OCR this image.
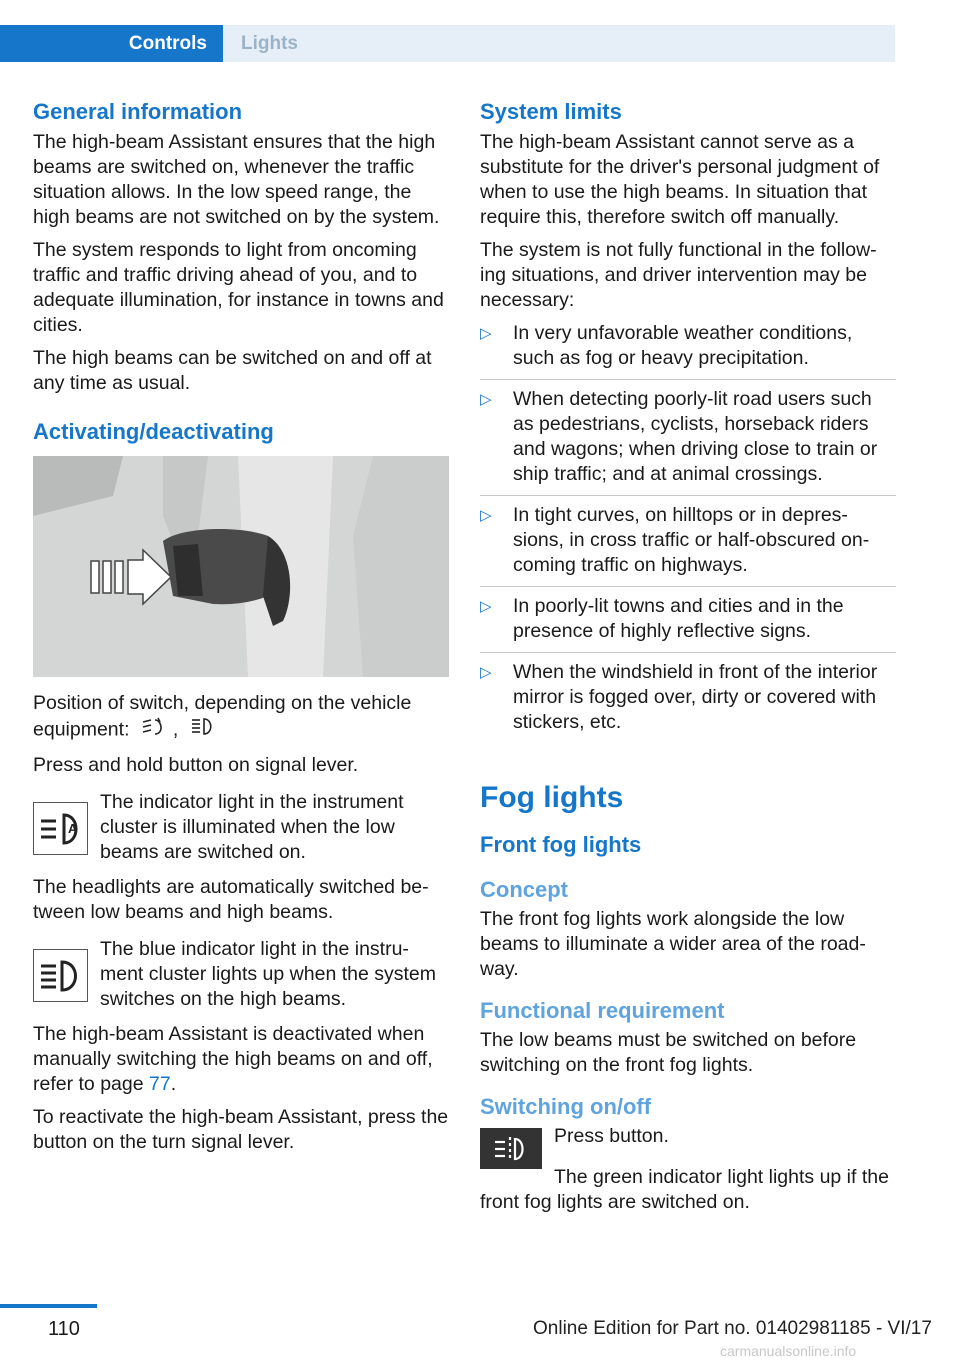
Controls	Lights
General information

The high-beam Assistant ensures that the high beams are switched on, whenever the traffic situation allows. In the low speed range, the high beams are not switched on by the system.

The system responds to light from oncoming traffic and traffic driving ahead of you, and to adequate illumination, for instance in towns and cities.

The high beams can be switched on and off at any time as usual.

Activating/deactivating

Position of switch, depending on the vehicle equipment: ,

Press and hold button on signal lever.

A

The indicator light in the instrument cluster is illuminated when the low beams are switched on.

The headlights are automatically switched be‐tween low beams and high beams.

The blue indicator light in the instru‐ment cluster lights up when the system switches on the high beams.

The high-beam Assistant is deactivated when manually switching the high beams on and off, refer to page 77.

To reactivate the high-beam Assistant, press the button on the turn signal lever.

System limits

The high-beam Assistant cannot serve as a substitute for the driver's personal judgment of when to use the high beams. In situation that require this, therefore switch off manually.

The system is not fully functional in the follow‐ing situations, and driver intervention may be necessary:

▷ In very unfavorable weather conditions, such as fog or heavy precipitation.
▷ When detecting poorly-lit road users such as pedestrians, cyclists, horseback riders and wagons; when driving close to train or ship traffic; and at animal crossings.
▷ In tight curves, on hilltops or in depres‐sions, in cross traffic or half-obscured on‐coming traffic on highways.
▷ In poorly-lit towns and cities and in the presence of highly reflective signs.
▷ When the windshield in front of the interior mirror is fogged over, dirty or covered with stickers, etc.
Fog lights
Front fog lights
Concept

The front fog lights work alongside the low beams to illuminate a wider area of the road‐way.

Functional requirement

The low beams must be switched on before switching on the front fog lights.

Switching on/off

Press button.

The green indicator light lights up if the front fog lights are switched on.

110	Online Edition for Part no. 01402981185 - VI/17
carmanualsonline.info
